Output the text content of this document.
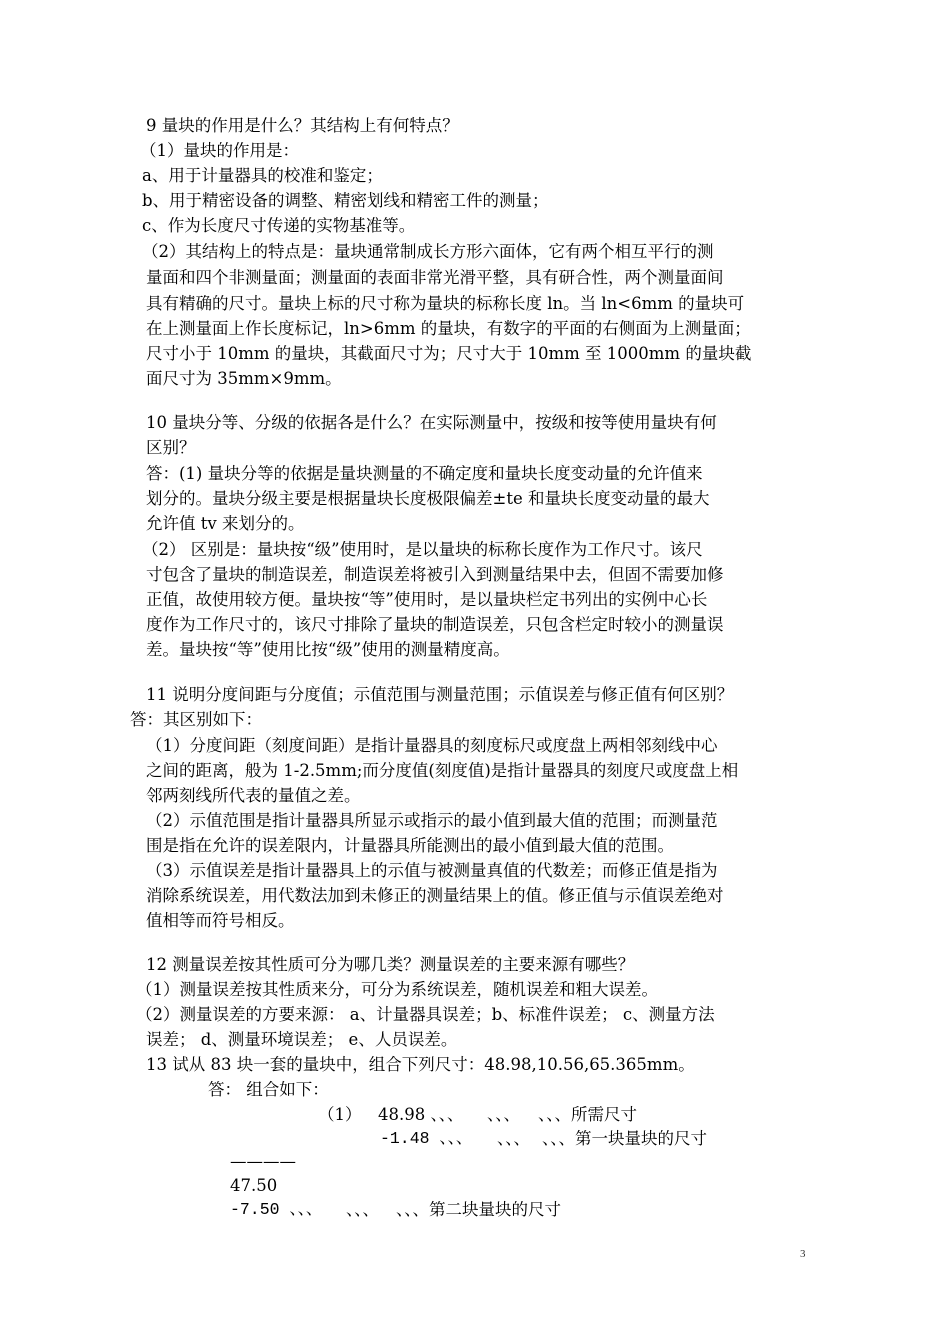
9 量块的作用是什么？其结构上有何特点？
（1）量块的作用是：
a、用于计量器具的校准和鉴定；
b、用于精密设备的调整、精密划线和精密工件的测量；
c、作为长度尺寸传递的实物基准等。
（2）其结构上的特点是：量块通常制成长方形六面体，它有两个相互平行的测
量面和四个非测量面；测量面的表面非常光滑平整，具有研合性，两个测量面间
具有精确的尺寸。量块上标的尺寸称为量块的标称长度 ln。当 ln<6mm 的量块可
在上测量面上作长度标记，ln>6mm 的量块，有数字的平面的右侧面为上测量面；
尺寸小于 10mm 的量块，其截面尺寸为；尺寸大于 10mm 至 1000mm 的量块截
面尺寸为 35mm×9mm。
10 量块分等、分级的依据各是什么？在实际测量中，按级和按等使用量块有何
区别？
答：(1) 量块分等的依据是量块测量的不确定度和量块长度变动量的允许值来
划分的。量块分级主要是根据量块长度极限偏差±te 和量块长度变动量的最大
允许值 tv 来划分的。
（2） 区别是：量块按“级”使用时，是以量块的标称长度作为工作尺寸。该尺
寸包含了量块的制造误差，制造误差将被引入到测量结果中去，但固不需要加修
正值，故使用较方便。量块按“等”使用时，是以量块栏定书列出的实例中心长
度作为工作尺寸的，该尺寸排除了量块的制造误差，只包含栏定时较小的测量误
差。量块按“等”使用比按“级”使用的测量精度高。
11 说明分度间距与分度值；示值范围与测量范围；示值误差与修正值有何区别？
答：其区别如下：
（1）分度间距（刻度间距）是指计量器具的刻度标尺或度盘上两相邻刻线中心
之间的距离，般为 1-2.5mm;而分度值(刻度值)是指计量器具的刻度尺或度盘上相
邻两刻线所代表的量值之差。
（2）示值范围是指计量器具所显示或指示的最小值到最大值的范围；而测量范
围是指在允许的误差限内，计量器具所能测出的最小值到最大值的范围。
（3）示值误差是指计量器具上的示值与被测量真值的代数差；而修正值是指为
消除系统误差，用代数法加到未修正的测量结果上的值。修正值与示值误差绝对
值相等而符号相反。
12 测量误差按其性质可分为哪几类？测量误差的主要来源有哪些？
（1）测量误差按其性质来分，可分为系统误差，随机误差和粗大误差。
（2）测量误差的方要来源： a、计量器具误差；b、标准件误差； c、测量方法
误差； d、测量环境误差； e、人员误差。
13 试从 83 块一套的量块中，组合下列尺寸：48.98,10.56,65.365mm。
答： 组合如下：
（1） 48.98 、、、 、、、 、、、所需尺寸
-1.48 、、、 、、、 、、、第一块量块的尺寸
————
47.50
-7.50 、、、 、、、 、、、第二块量块的尺寸
3
